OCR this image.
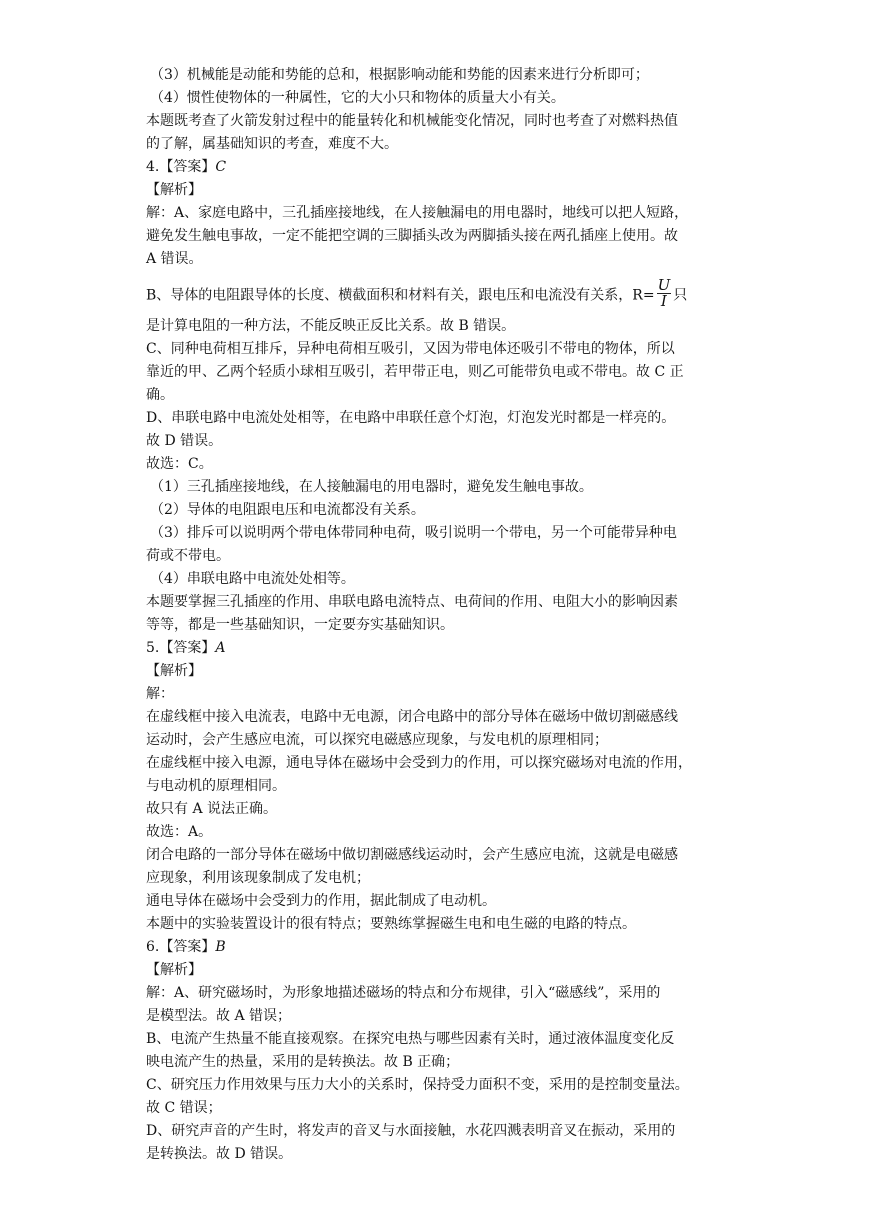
（3）机械能是动能和势能的总和，根据影响动能和势能的因素来进行分析即可；
（4）惯性使物体的一种属性，它的大小只和物体的质量大小有关。
本题既考查了火箭发射过程中的能量转化和机械能变化情况，同时也考查了对燃料热值
的了解，属基础知识的考查，难度不大。
4.【答案】C
【解析】
解：A、家庭电路中，三孔插座接地线，在人接触漏电的用电器时，地线可以把人短路，
避免发生触电事故，一定不能把空调的三脚插头改为两脚插头接在两孔插座上使用。故
A 错误。
B、导体的电阻跟导体的长度、横截面积和材料有关，跟电压和电流没有关系，$R= \frac{U}{I}$ 只
是计算电阻的一种方法，不能反映正反比关系。故 B 错误。
C、同种电荷相互排斥，异种电荷相互吸引，又因为带电体还吸引不带电的物体，所以
靠近的甲、乙两个轻质小球相互吸引，若甲带正电，则乙可能带负电或不带电。故 C 正
确。
D、串联电路中电流处处相等，在电路中串联任意个灯泡，灯泡发光时都是一样亮的。
故 D 错误。
故选：C。
（1）三孔插座接地线，在人接触漏电的用电器时，避免发生触电事故。
（2）导体的电阻跟电压和电流都没有关系。
（3）排斥可以说明两个带电体带同种电荷，吸引说明一个带电，另一个可能带异种电
荷或不带电。
（4）串联电路中电流处处相等。
本题要掌握三孔插座的作用、串联电路电流特点、电荷间的作用、电阻大小的影响因素
等等，都是一些基础知识，一定要夯实基础知识。
5.【答案】A
【解析】
解：
在虚线框中接入电流表，电路中无电源，闭合电路中的部分导体在磁场中做切割磁感线
运动时，会产生感应电流，可以探究电磁感应现象，与发电机的原理相同；
在虚线框中接入电源，通电导体在磁场中会受到力的作用，可以探究磁场对电流的作用，
与电动机的原理相同。
故只有 A 说法正确。
故选：A。
闭合电路的一部分导体在磁场中做切割磁感线运动时，会产生感应电流，这就是电磁感
应现象，利用该现象制成了发电机；
通电导体在磁场中会受到力的作用，据此制成了电动机。
本题中的实验装置设计的很有特点；要熟练掌握磁生电和电生磁的电路的特点。
6.【答案】B
【解析】
解：A、研究磁场时，为形象地描述磁场的特点和分布规律，引入“磁感线”，采用的
是模型法。故 A 错误；
B、电流产生热量不能直接观察。在探究电热与哪些因素有关时，通过液体温度变化反
映电流产生的热量，采用的是转换法。故 B 正确；
C、研究压力作用效果与压力大小的关系时，保持受力面积不变，采用的是控制变量法。
故 C 错误；
D、研究声音的产生时，将发声的音叉与水面接触，水花四溅表明音叉在振动，采用的
是转换法。故 D 错误。
